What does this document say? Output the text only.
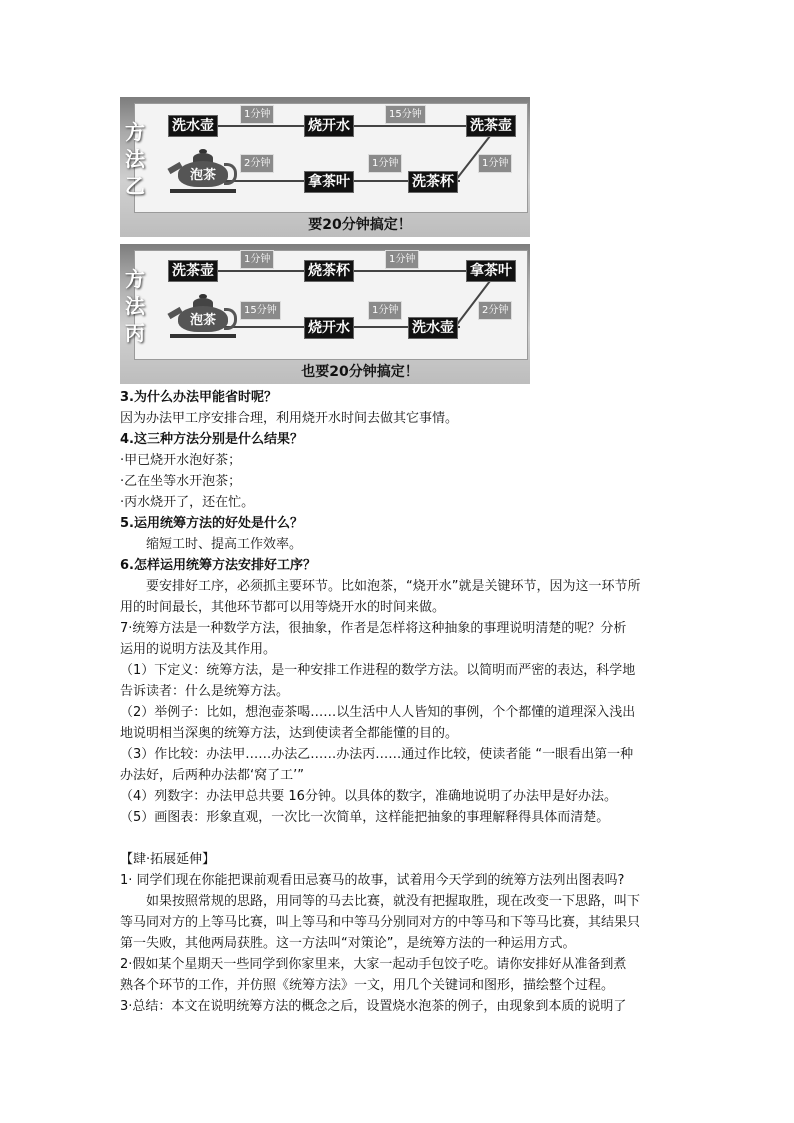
方
法
乙
洗水壶
1分钟
烧开水
15分钟
洗茶壶
泡茶
2分钟
拿茶叶
1分钟
洗茶杯
1分钟
要20分钟搞定！
方
法
丙
洗茶壶
1分钟
烧茶杯
1分钟
拿茶叶
泡茶
15分钟
烧开水
1分钟
洗水壶
2分钟
也要20分钟搞定！
3.为什么办法甲能省时呢？
因为办法甲工序安排合理，利用烧开水时间去做其它事情。
4.这三种方法分别是什么结果？
·甲已烧开水泡好茶；
·乙在坐等水开泡茶；
·丙水烧开了，还在忙。
5.运用统筹方法的好处是什么？
缩短工时、提高工作效率。
6.怎样运用统筹方法安排好工序？
要安排好工序，必须抓主要环节。比如泡茶，“烧开水”就是关键环节，因为这一环节所
用的时间最长，其他环节都可以用等烧开水的时间来做。
7·统筹方法是一种数学方法，很抽象，作者是怎样将这种抽象的事理说明清楚的呢？分析
运用的说明方法及其作用。
（1）下定义：统筹方法，是一种安排工作进程的数学方法。以简明而严密的表达，科学地
告诉读者：什么是统筹方法。
（2）举例子：比如，想泡壶茶喝……以生活中人人皆知的事例，个个都懂的道理深入浅出
地说明相当深奥的统筹方法，达到使读者全都能懂的目的。
（3）作比较：办法甲……办法乙……办法丙……通过作比较，使读者能 “一眼看出第一种
办法好，后两种办法都‘窝了工’”
（4）列数字：办法甲总共要 16分钟。以具体的数字，准确地说明了办法甲是好办法。
（5）画图表：形象直观，一次比一次简单，这样能把抽象的事理解释得具体而清楚。
【肆·拓展延伸】
1· 同学们现在你能把课前观看田忌赛马的故事，试着用今天学到的统筹方法列出图表吗?
如果按照常规的思路，用同等的马去比赛，就没有把握取胜，现在改变一下思路，叫下
等马同对方的上等马比赛，叫上等马和中等马分别同对方的中等马和下等马比赛，其结果只
第一失败，其他两局获胜。这一方法叫“对策论”，是统筹方法的一种运用方式。
2·假如某个星期天一些同学到你家里来，大家一起动手包饺子吃。请你安排好从准备到煮
熟各个环节的工作，并仿照《统筹方法》一文，用几个关键词和图形，描绘整个过程。
3·总结：本文在说明统筹方法的概念之后，设置烧水泡茶的例子，由现象到本质的说明了
